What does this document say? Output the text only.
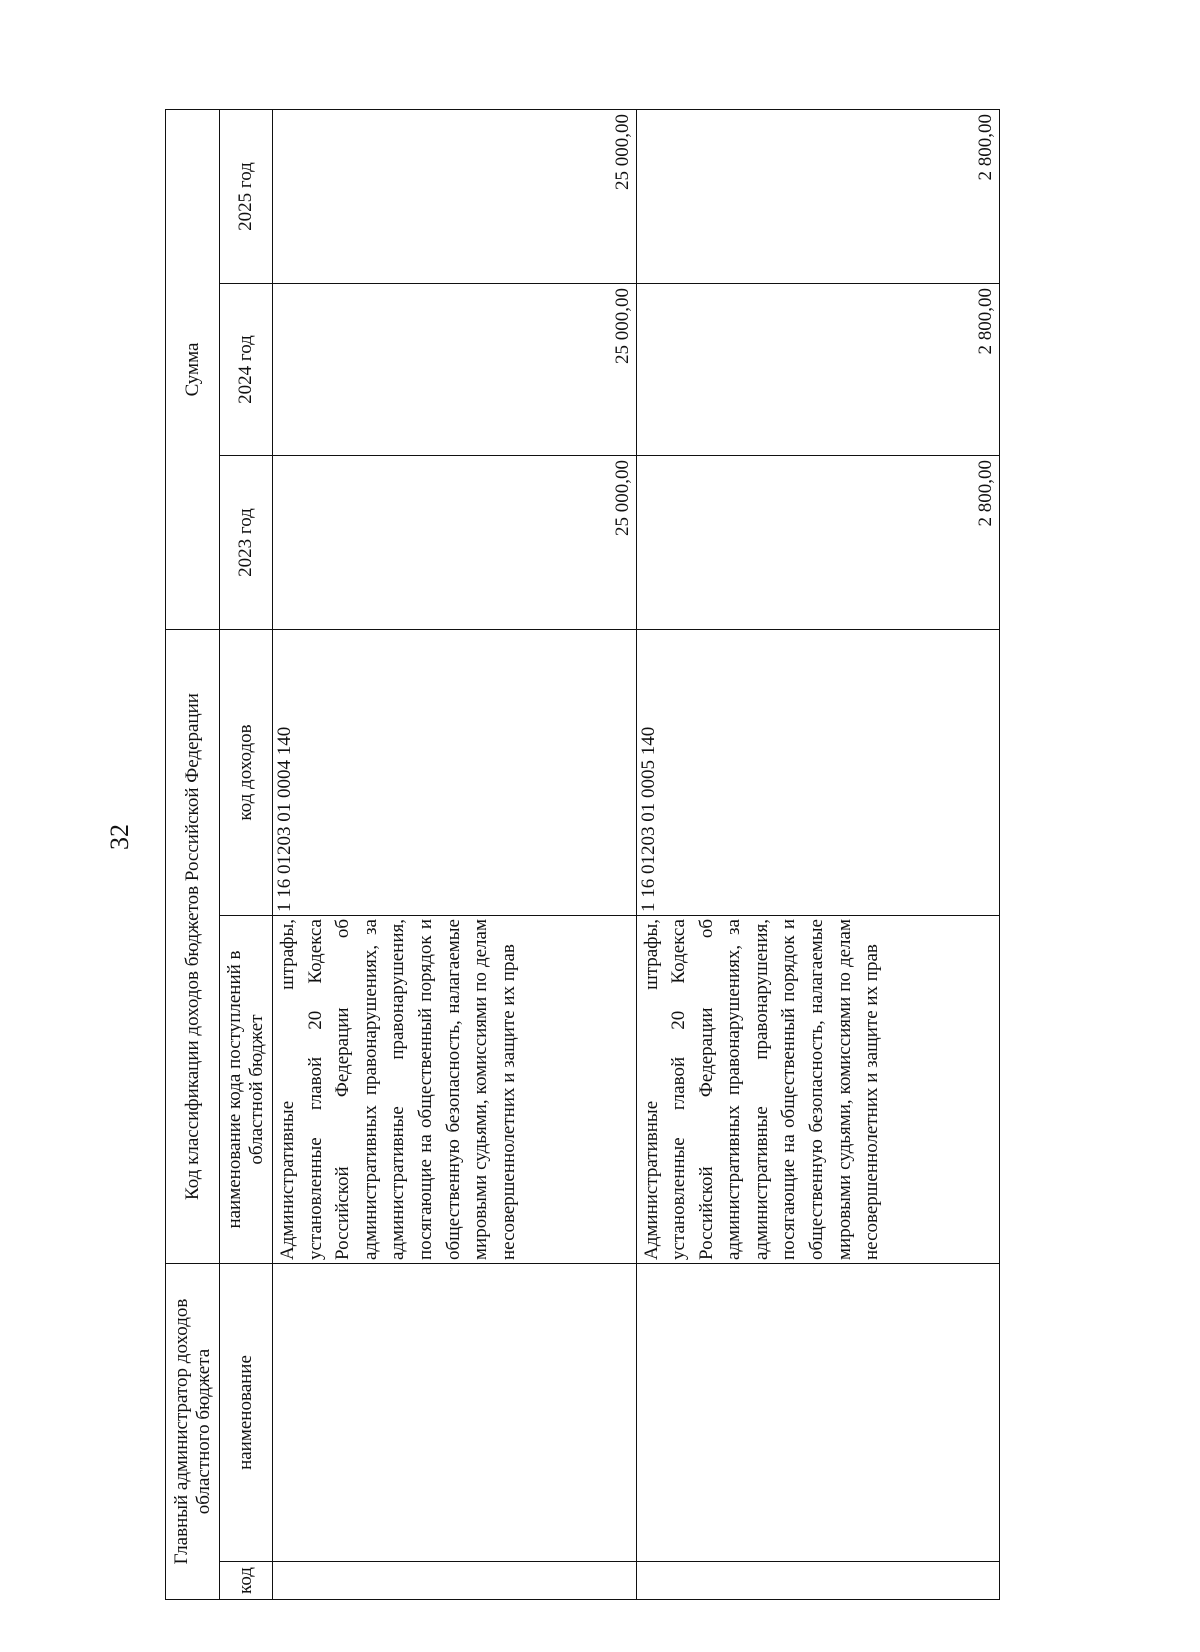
32
Главный администратор доходов областного бюджета		Код классификации доходов бюджетов Российской Федерации		Сумма		
код	наименование	наименование кода поступлений в областной бюджет	код доходов	2023 год	2024 год	2025 год
		Административные штрафы, установленные главой 20 Кодекса Российской Федерации об административных правонарушениях, за административные правонарушения, посягающие на общественный порядок и общественную безопасность, налагаемые мировыми судьями, комиссиями по делам несовершеннолетних и защите их прав	1 16 01203 01 0004 140	25 000,00	25 000,00	25 000,00
		Административные штрафы, установленные главой 20 Кодекса Российской Федерации об административных правонарушениях, за административные правонарушения, посягающие на общественный порядок и общественную безопасность, налагаемые мировыми судьями, комиссиями по делам несовершеннолетних и защите их прав	1 16 01203 01 0005 140	2 800,00	2 800,00	2 800,00
